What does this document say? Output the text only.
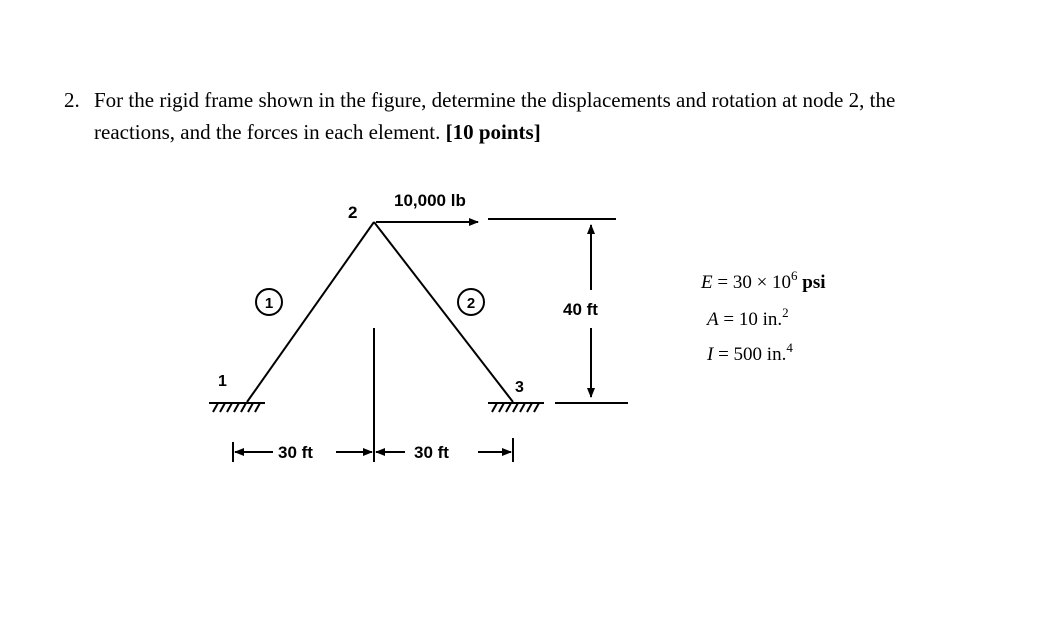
2. For the rigid frame shown in the figure, determine the displacements and rotation at node 2, the
reactions, and the forces in each element. [10 points]
10,000 lb
2
1	3
1	2	40 ft
30 ft	30 ft
$E = 30 \times 10^6$ psi
A = 10 in.$^2$
I = 500 in.$^4$
